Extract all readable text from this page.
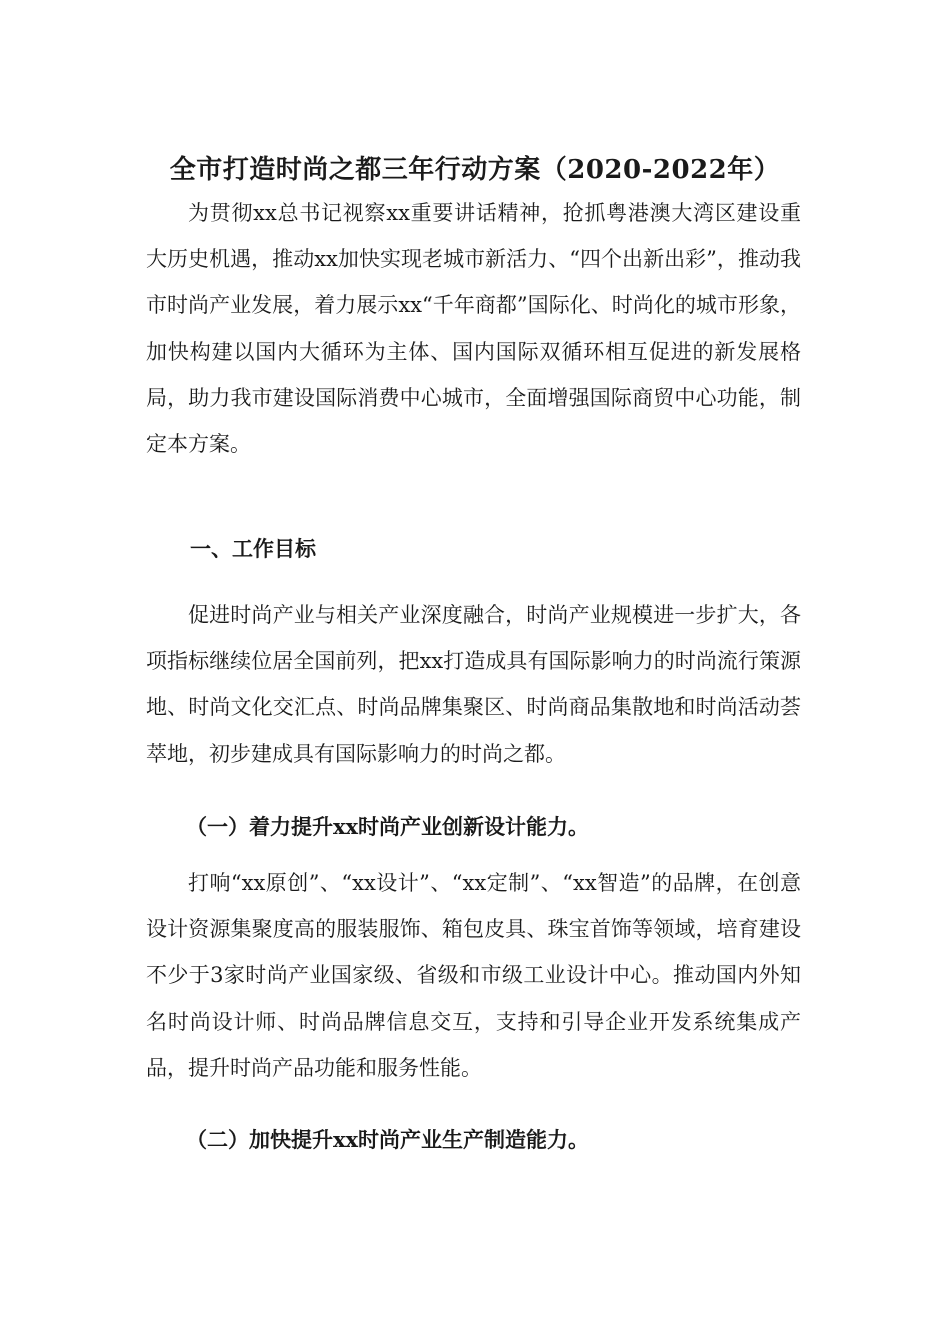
全市打造时尚之都三年行动方案（2020-2022年）

为贯彻xx总书记视察xx重要讲话精神，抢抓粤港澳大湾区建设重大历史机遇，推动xx加快实现老城市新活力、“四个出新出彩”，推动我市时尚产业发展，着力展示xx“千年商都”国际化、时尚化的城市形象，加快构建以国内大循环为主体、国内国际双循环相互促进的新发展格局，助力我市建设国际消费中心城市，全面增强国际商贸中心功能，制定本方案。

一、工作目标

促进时尚产业与相关产业深度融合，时尚产业规模进一步扩大，各项指标继续位居全国前列，把xx打造成具有国际影响力的时尚流行策源地、时尚文化交汇点、时尚品牌集聚区、时尚商品集散地和时尚活动荟萃地，初步建成具有国际影响力的时尚之都。

（一）着力提升xx时尚产业创新设计能力。

打响“xx原创”、“xx设计”、“xx定制”、“xx智造”的品牌，在创意设计资源集聚度高的服装服饰、箱包皮具、珠宝首饰等领域，培育建设不少于3家时尚产业国家级、省级和市级工业设计中心。推动国内外知名时尚设计师、时尚品牌信息交互，支持和引导企业开发系统集成产品，提升时尚产品功能和服务性能。

（二）加快提升xx时尚产业生产制造能力。
